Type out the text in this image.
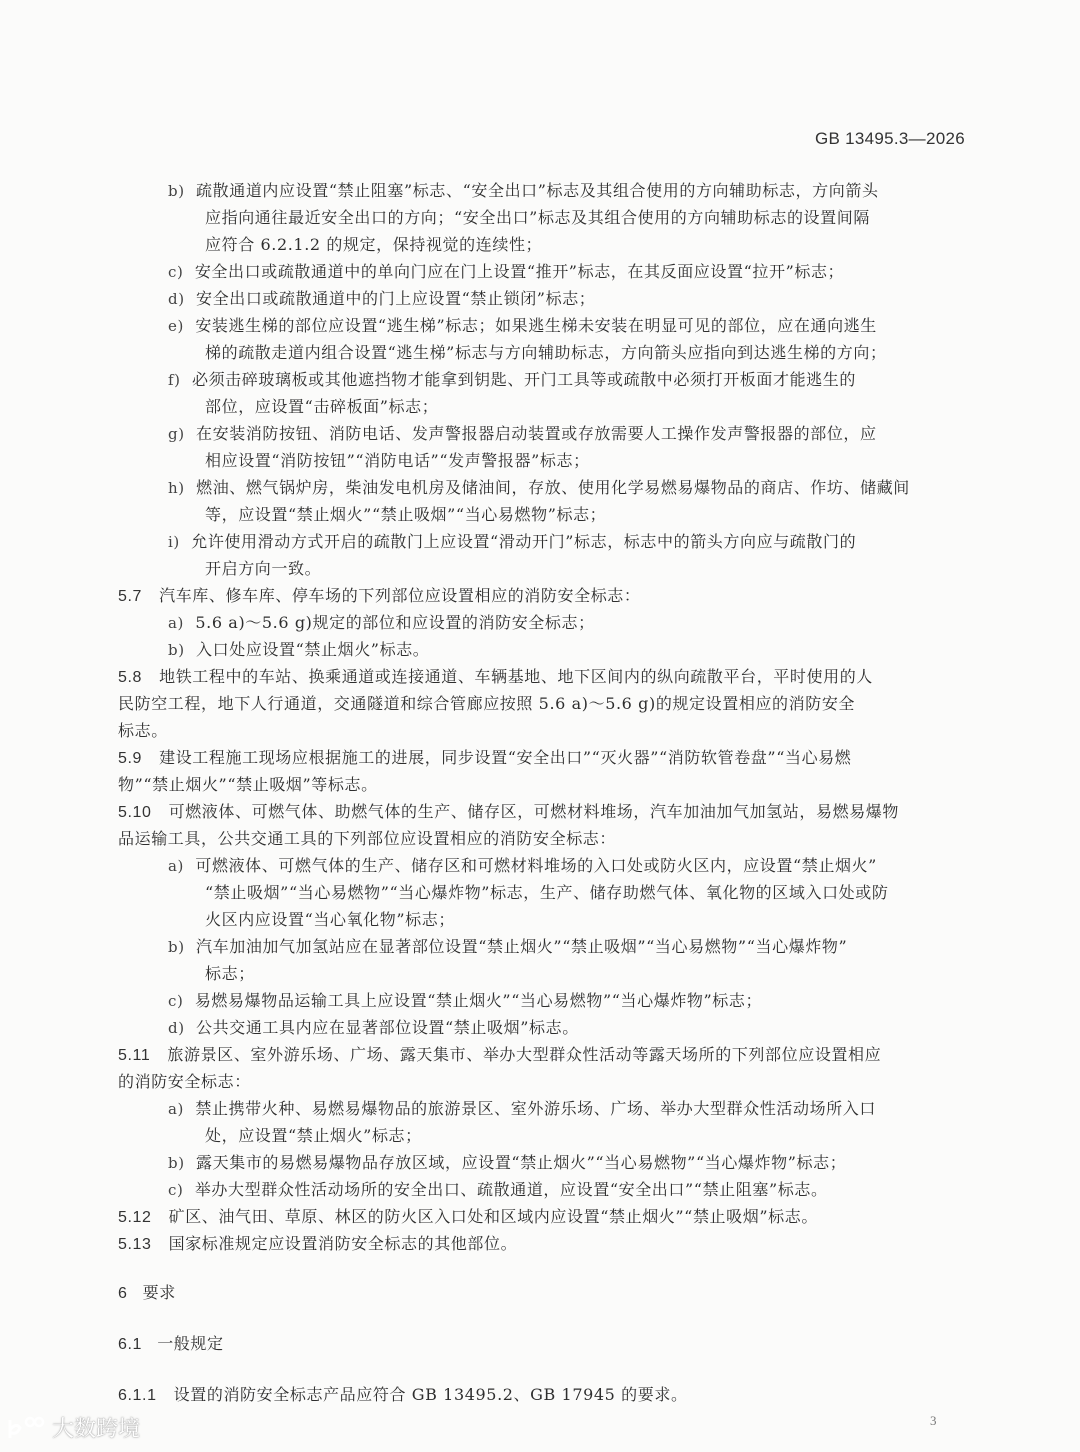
GB 13495.3—2026
b) 疏散通道内应设置“禁止阻塞”标志、“安全出口”标志及其组合使用的方向辅助标志，方向箭头
应指向通往最近安全出口的方向；“安全出口”标志及其组合使用的方向辅助标志的设置间隔
应符合 6.2.1.2 的规定，保持视觉的连续性；
c) 安全出口或疏散通道中的单向门应在门上设置“推开”标志，在其反面应设置“拉开”标志；
d) 安全出口或疏散通道中的门上应设置“禁止锁闭”标志；
e) 安装逃生梯的部位应设置“逃生梯”标志；如果逃生梯未安装在明显可见的部位，应在通向逃生
梯的疏散走道内组合设置“逃生梯”标志与方向辅助标志，方向箭头应指向到达逃生梯的方向；
f) 必须击碎玻璃板或其他遮挡物才能拿到钥匙、开门工具等或疏散中必须打开板面才能逃生的
部位，应设置“击碎板面”标志；
g) 在安装消防按钮、消防电话、发声警报器启动装置或存放需要人工操作发声警报器的部位，应
相应设置“消防按钮”“消防电话”“发声警报器”标志；
h) 燃油、燃气锅炉房，柴油发电机房及储油间，存放、使用化学易燃易爆物品的商店、作坊、储藏间
等，应设置“禁止烟火”“禁止吸烟”“当心易燃物”标志；
i) 允许使用滑动方式开启的疏散门上应设置“滑动开门”标志，标志中的箭头方向应与疏散门的
开启方向一致。
5.7 汽车库、修车库、停车场的下列部位应设置相应的消防安全标志：
a) 5.6 a)～5.6 g)规定的部位和应设置的消防安全标志；
b) 入口处应设置“禁止烟火”标志。
5.8 地铁工程中的车站、换乘通道或连接通道、车辆基地、地下区间内的纵向疏散平台，平时使用的人
民防空工程，地下人行通道，交通隧道和综合管廊应按照 5.6 a)～5.6 g)的规定设置相应的消防安全
标志。
5.9 建设工程施工现场应根据施工的进展，同步设置“安全出口”“灭火器”“消防软管卷盘”“当心易燃
物”“禁止烟火”“禁止吸烟”等标志。
5.10 可燃液体、可燃气体、助燃气体的生产、储存区，可燃材料堆场，汽车加油加气加氢站，易燃易爆物
品运输工具，公共交通工具的下列部位应设置相应的消防安全标志：
a) 可燃液体、可燃气体的生产、储存区和可燃材料堆场的入口处或防火区内，应设置“禁止烟火”
“禁止吸烟”“当心易燃物”“当心爆炸物”标志，生产、储存助燃气体、氧化物的区域入口处或防
火区内应设置“当心氧化物”标志；
b) 汽车加油加气加氢站应在显著部位设置“禁止烟火”“禁止吸烟”“当心易燃物”“当心爆炸物”
标志；
c) 易燃易爆物品运输工具上应设置“禁止烟火”“当心易燃物”“当心爆炸物”标志；
d) 公共交通工具内应在显著部位设置“禁止吸烟”标志。
5.11 旅游景区、室外游乐场、广场、露天集市、举办大型群众性活动等露天场所的下列部位应设置相应
的消防安全标志：
a) 禁止携带火种、易燃易爆物品的旅游景区、室外游乐场、广场、举办大型群众性活动场所入口
处，应设置“禁止烟火”标志；
b) 露天集市的易燃易爆物品存放区域，应设置“禁止烟火”“当心易燃物”“当心爆炸物”标志；
c) 举办大型群众性活动场所的安全出口、疏散通道，应设置“安全出口”“禁止阻塞”标志。
5.12 矿区、油气田、草原、林区的防火区入口处和区域内应设置“禁止烟火”“禁止吸烟”标志。
5.13 国家标准规定应设置消防安全标志的其他部位。
6 要求
6.1 一般规定
6.1.1 设置的消防安全标志产品应符合 GB 13495.2、GB 17945 的要求。
3
大数跨境
